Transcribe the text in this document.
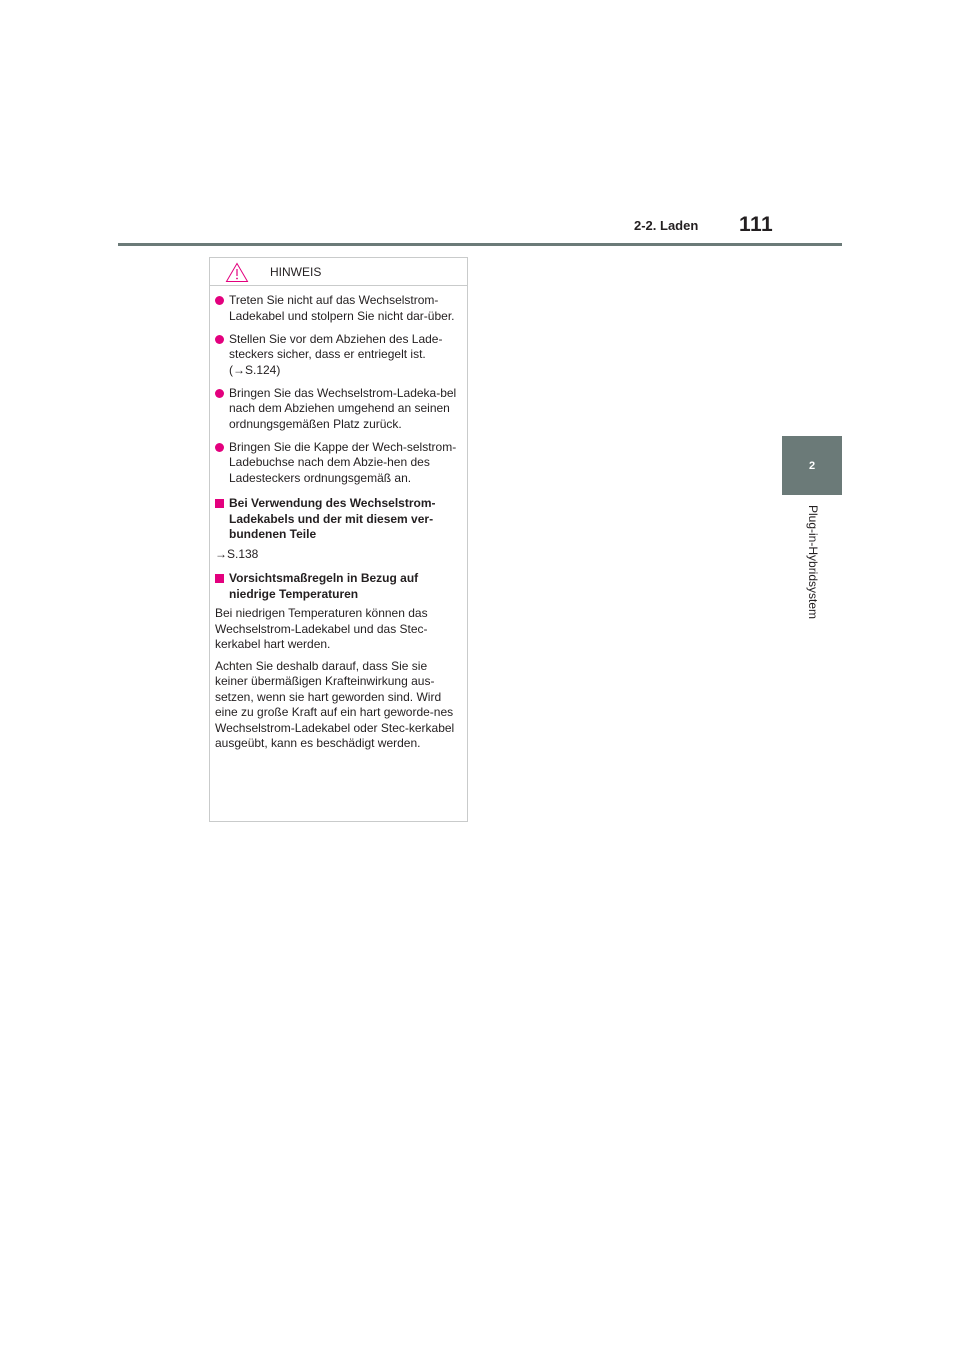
2-2. Laden 111
2
Plug-in-Hybridsystem
HINWEIS
Treten Sie nicht auf das Wechselstrom-Ladekabel und stolpern Sie nicht dar-über.
Stellen Sie vor dem Abziehen des Lade-steckers sicher, dass er entriegelt ist. (→S.124)
Bringen Sie das Wechselstrom-Ladeka-bel nach dem Abziehen umgehend an seinen ordnungsgemäßen Platz zurück.
Bringen Sie die Kappe der Wech-selstrom-Ladebuchse nach dem Abzie-hen des Ladesteckers ordnungsgemäß an.
Bei Verwendung des Wechselstrom-Ladekabels und der mit diesem ver-bundenen Teile
→S.138
Vorsichtsmaßregeln in Bezug auf niedrige Temperaturen
Bei niedrigen Temperaturen können das Wechselstrom-Ladekabel und das Stec-kerkabel hart werden.
Achten Sie deshalb darauf, dass Sie sie keiner übermäßigen Krafteinwirkung aus-setzen, wenn sie hart geworden sind. Wird eine zu große Kraft auf ein hart geworde-nes Wechselstrom-Ladekabel oder Stec-kerkabel ausgeübt, kann es beschädigt werden.
